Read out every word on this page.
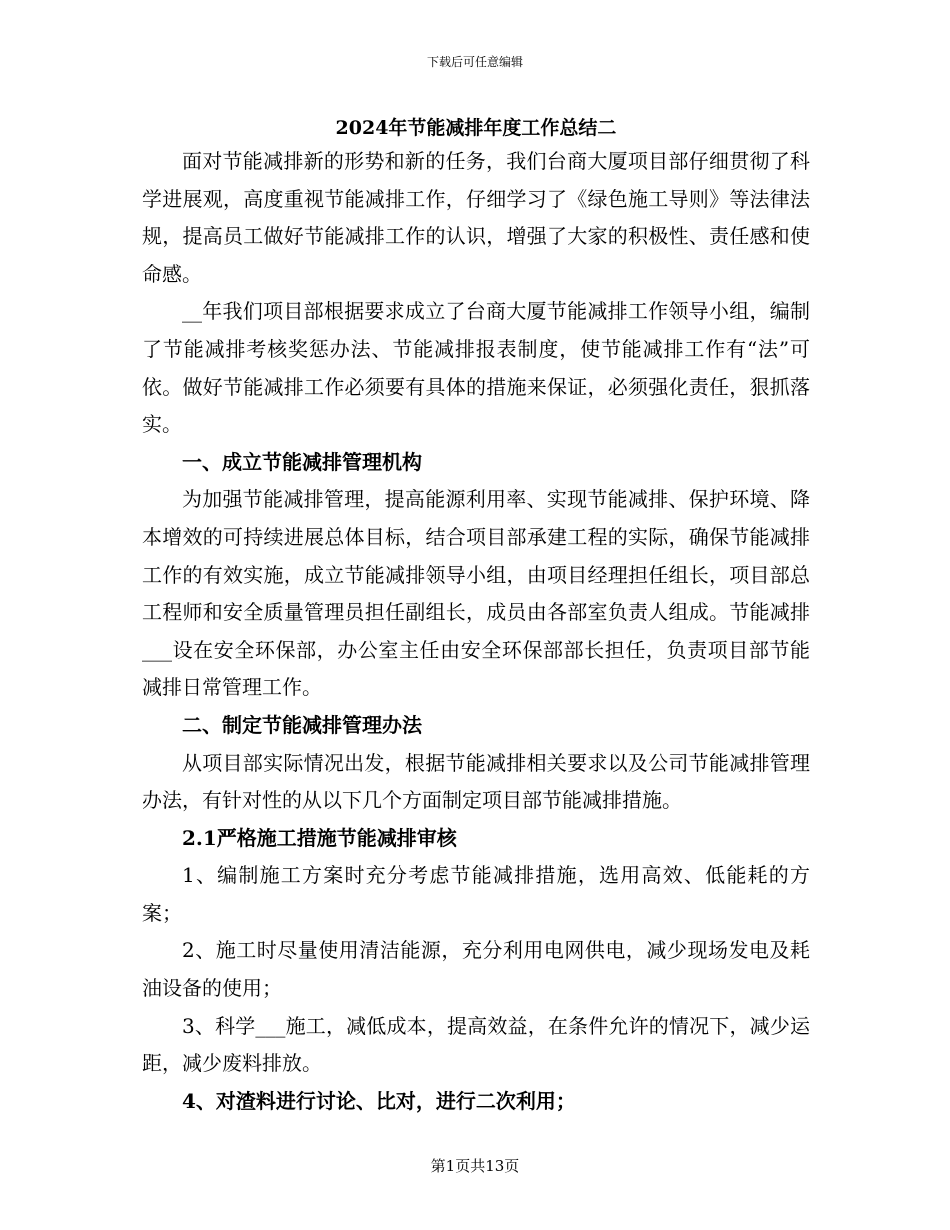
下载后可任意编辑
2024年节能减排年度工作总结二

面对节能减排新的形势和新的任务，我们台商大厦项目部仔细贯彻了科学进展观，高度重视节能减排工作，仔细学习了《绿色施工导则》等法律法规，提高员工做好节能减排工作的认识，增强了大家的积极性、责任感和使命感。

__年我们项目部根据要求成立了台商大厦节能减排工作领导小组，编制了节能减排考核奖惩办法、节能减排报表制度，使节能减排工作有“法”可依。做好节能减排工作必须要有具体的措施来保证，必须强化责任，狠抓落实。

一、成立节能减排管理机构

为加强节能减排管理，提高能源利用率、实现节能减排、保护环境、降本增效的可持续进展总体目标，结合项目部承建工程的实际，确保节能减排工作的有效实施，成立节能减排领导小组，由项目经理担任组长，项目部总工程师和安全质量管理员担任副组长，成员由各部室负责人组成。节能减排___设在安全环保部，办公室主任由安全环保部部长担任，负责项目部节能减排日常管理工作。

二、制定节能减排管理办法

从项目部实际情况出发，根据节能减排相关要求以及公司节能减排管理办法，有针对性的从以下几个方面制定项目部节能减排措施。

2.1严格施工措施节能减排审核

1、编制施工方案时充分考虑节能减排措施，选用高效、低能耗的方案；

2、施工时尽量使用清洁能源，充分利用电网供电，减少现场发电及耗油设备的使用；

3、科学___施工，减低成本，提高效益，在条件允许的情况下，减少运距，减少废料排放。

4、对渣料进行讨论、比对，进行二次利用；

第1页共13页
